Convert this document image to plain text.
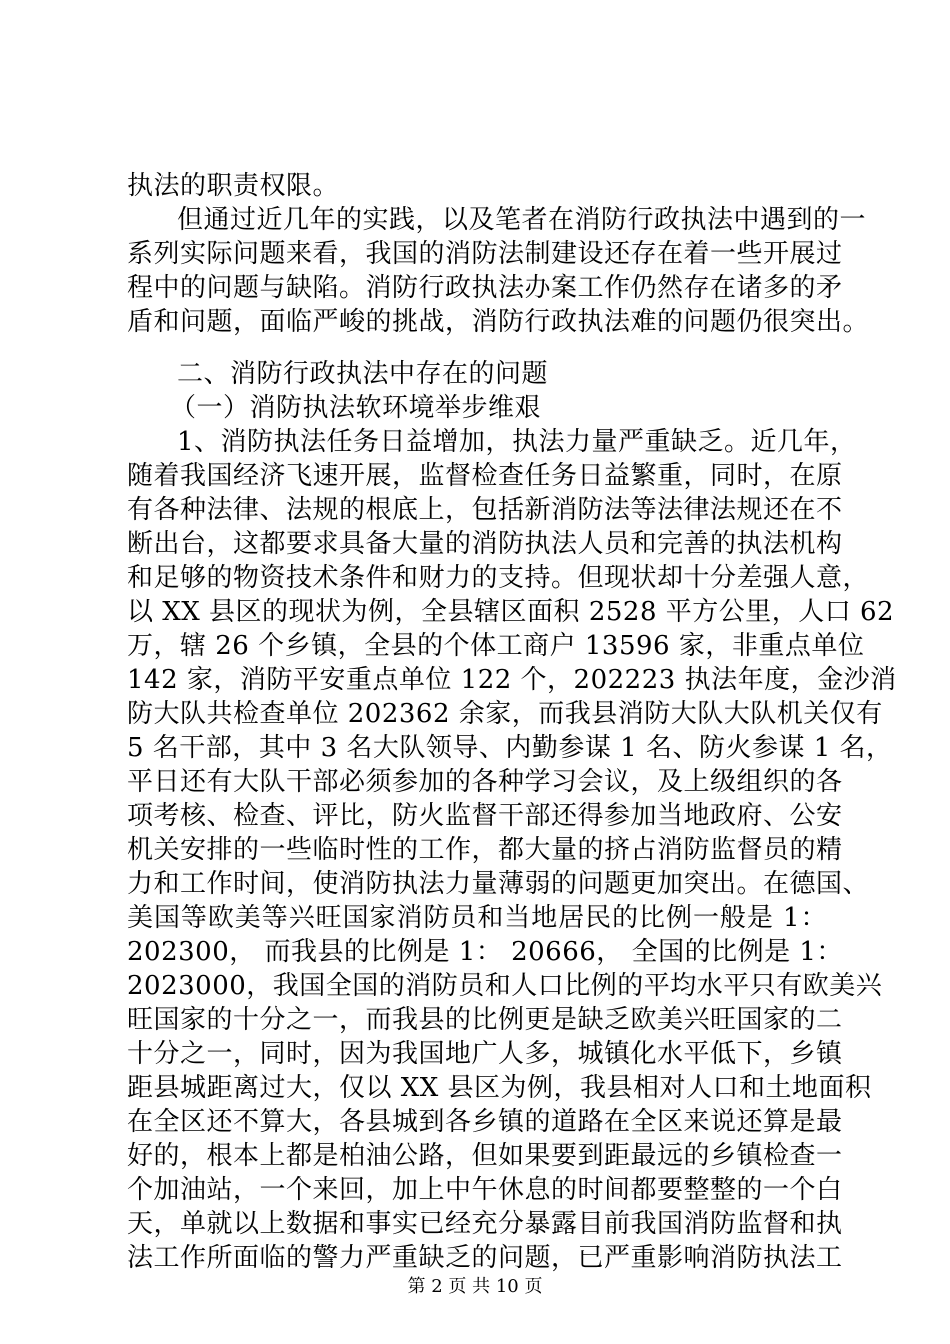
执法的职责权限。
但通过近几年的实践，以及笔者在消防行政执法中遇到的一
系列实际问题来看，我国的消防法制建设还存在着一些开展过
程中的问题与缺陷。消防行政执法办案工作仍然存在诸多的矛
盾和问题，面临严峻的挑战，消防行政执法难的问题仍很突出。
二、消防行政执法中存在的问题
（一）消防执法软环境举步维艰
1、消防执法任务日益增加，执法力量严重缺乏。近几年，
随着我国经济飞速开展，监督检查任务日益繁重，同时，在原
有各种法律、法规的根底上，包括新消防法等法律法规还在不
断出台，这都要求具备大量的消防执法人员和完善的执法机构
和足够的物资技术条件和财力的支持。但现状却十分差强人意，
以 XX 县区的现状为例，全县辖区面积 2528 平方公里，人口 62
万，辖 26 个乡镇，全县的个体工商户 13596 家，非重点单位
142 家，消防平安重点单位 122 个，202223 执法年度，金沙消
防大队共检查单位 202362 余家，而我县消防大队大队机关仅有
5 名干部，其中 3 名大队领导、内勤参谋 1 名、防火参谋 1 名，
平日还有大队干部必须参加的各种学习会议，及上级组织的各
项考核、检查、评比，防火监督干部还得参加当地政府、公安
机关安排的一些临时性的工作，都大量的挤占消防监督员的精
力和工作时间，使消防执法力量薄弱的问题更加突出。在德国、
美国等欧美等兴旺国家消防员和当地居民的比例一般是 1：
202300， 而我县的比例是 1： 20666， 全国的比例是 1：
2023000，我国全国的消防员和人口比例的平均水平只有欧美兴
旺国家的十分之一，而我县的比例更是缺乏欧美兴旺国家的二
十分之一，同时，因为我国地广人多，城镇化水平低下，乡镇
距县城距离过大，仅以 XX 县区为例，我县相对人口和土地面积
在全区还不算大，各县城到各乡镇的道路在全区来说还算是最
好的，根本上都是柏油公路，但如果要到距最远的乡镇检查一
个加油站，一个来回，加上中午休息的时间都要整整的一个白
天，单就以上数据和事实已经充分暴露目前我国消防监督和执
法工作所面临的警力严重缺乏的问题，已严重影响消防执法工
第 2 页 共 10 页
